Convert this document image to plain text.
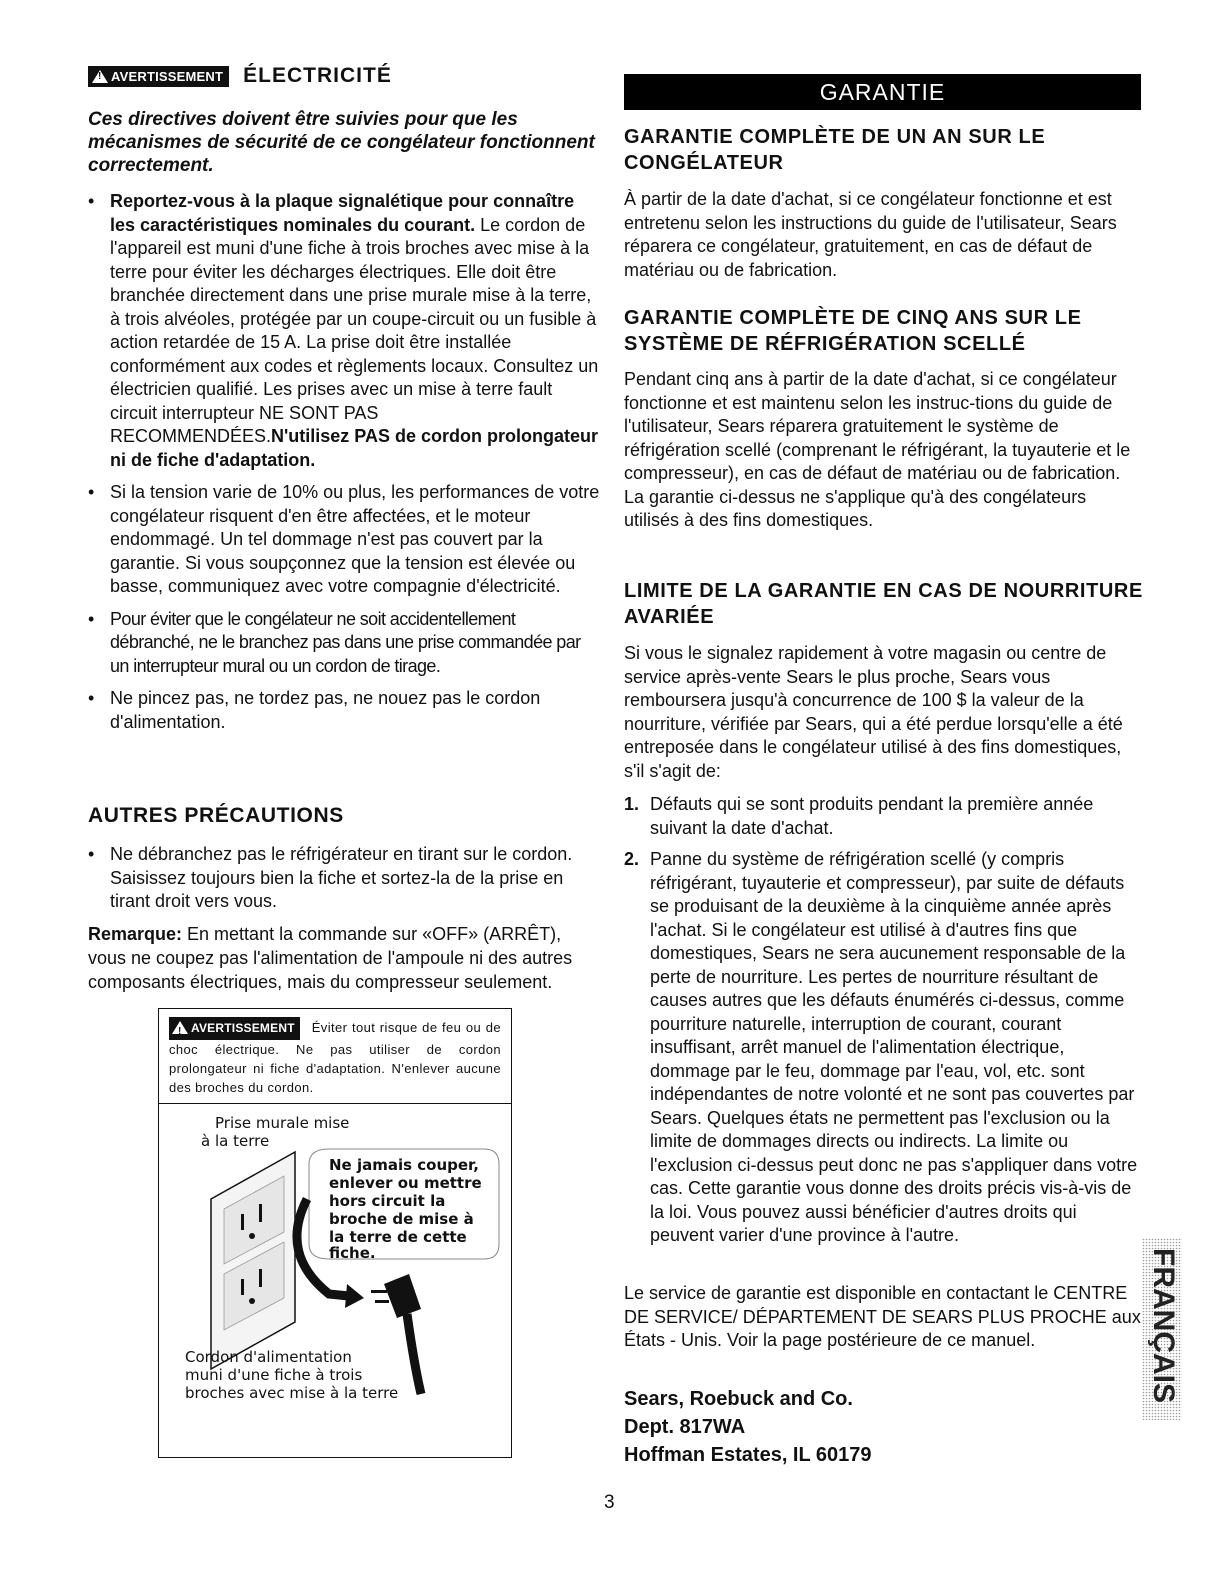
!AVERTISSEMENT ÉLECTRICITÉ
Ces directives doivent être suivies pour que les mécanismes de sécurité de ce congélateur fonctionnent correctement.
• Reportez-vous à la plaque signalétique pour connaître les caractéristiques nominales du courant. Le cordon de l'appareil est muni d'une fiche à trois broches avec mise à la terre pour éviter les décharges électriques. Elle doit être branchée directement dans une prise murale mise à la terre, à trois alvéoles, protégée par un coupe-circuit ou un fusible à action retardée de 15 A. La prise doit être installée conformément aux codes et règlements locaux. Consultez un électricien qualifié. Les prises avec un mise à terre fault circuit interrupteur NE SONT PAS RECOMMENDÉES.N'utilisez PAS de cordon prolongateur ni de fiche d'adaptation.
• Si la tension varie de 10% ou plus, les performances de votre congélateur risquent d'en être affectées, et le moteur endommagé. Un tel dommage n'est pas couvert par la garantie. Si vous soupçonnez que la tension est élevée ou basse, communiquez avec votre compagnie d'électricité.
• Pour éviter que le congélateur ne soit accidentellement débranché, ne le branchez pas dans une prise commandée par un interrupteur mural ou un cordon de tirage.
• Ne pincez pas, ne tordez pas, ne nouez pas le cordon d'alimentation.
AUTRES PRÉCAUTIONS
• Ne débranchez pas le réfrigérateur en tirant sur le cordon. Saisissez toujours bien la fiche et sortez-la de la prise en tirant droit vers vous.
Remarque: En mettant la commande sur «OFF» (ARRÊT), vous ne coupez pas l'alimentation de l'ampoule ni des autres composants électriques, mais du compresseur seulement.
!AVERTISSEMENT Éviter tout risque de feu ou de choc électrique. Ne pas utiliser de cordon prolongateur ni fiche d'adaptation. N'enlever aucune des broches du cordon.
Prise murale mise
à la terre
Ne jamais couper, enlever ou mettre hors circuit la broche de mise à la terre de cette fiche.
Cordon d'alimentation muni d'une fiche à trois broches avec mise à la terre
GARANTIE
GARANTIE COMPLÈTE DE UN AN SUR LE CONGÉLATEUR
À partir de la date d'achat, si ce congélateur fonctionne et est entretenu selon les instructions du guide de l'utilisateur, Sears réparera ce congélateur, gratuitement, en cas de défaut de matériau ou de fabrication.
GARANTIE COMPLÈTE DE CINQ ANS SUR LE SYSTÈME DE RÉFRIGÉRATION SCELLÉ
Pendant cinq ans à partir de la date d'achat, si ce congélateur fonctionne et est maintenu selon les instruc-tions du guide de l'utilisateur, Sears réparera gratuitement le système de réfrigération scellé (comprenant le réfrigérant, la tuyauterie et le compresseur), en cas de défaut de matériau ou de fabrication. La garantie ci-dessus ne s'applique qu'à des congélateurs utilisés à des fins domestiques.
LIMITE DE LA GARANTIE EN CAS DE NOURRITURE AVARIÉE
Si vous le signalez rapidement à votre magasin ou centre de service après-vente Sears le plus proche, Sears vous remboursera jusqu'à concurrence de 100 $ la valeur de la nourriture, vérifiée par Sears, qui a été perdue lorsqu'elle a été entreposée dans le congélateur utilisé à des fins domestiques, s'il s'agit de:
1. Défauts qui se sont produits pendant la première année suivant la date d'achat.
2. Panne du système de réfrigération scellé (y compris réfrigérant, tuyauterie et compresseur), par suite de défauts se produisant de la deuxième à la cinquième année après l'achat. Si le congélateur est utilisé à d'autres fins que domestiques, Sears ne sera aucunement responsable de la perte de nourriture. Les pertes de nourriture résultant de causes autres que les défauts énumérés ci-dessus, comme pourriture naturelle, interruption de courant, courant insuffisant, arrêt manuel de l'alimentation électrique, dommage par le feu, dommage par l'eau, vol, etc. sont indépendantes de notre volonté et ne sont pas couvertes par Sears. Quelques états ne permettent pas l'exclusion ou la limite de dommages directs ou indirects. La limite ou l'exclusion ci-dessus peut donc ne pas s'appliquer dans votre cas. Cette garantie vous donne des droits précis vis-à-vis de la loi. Vous pouvez aussi bénéficier d'autres droits qui peuvent varier d'une province à l'autre.
Le service de garantie est disponible en contactant le CENTRE DE SERVICE/ DÉPARTEMENT DE SEARS PLUS PROCHE aux États - Unis. Voir la page postérieure de ce manuel.
Sears, Roebuck and Co.
Dept. 817WA
Hoffman Estates, IL 60179
3
FRANÇAIS
